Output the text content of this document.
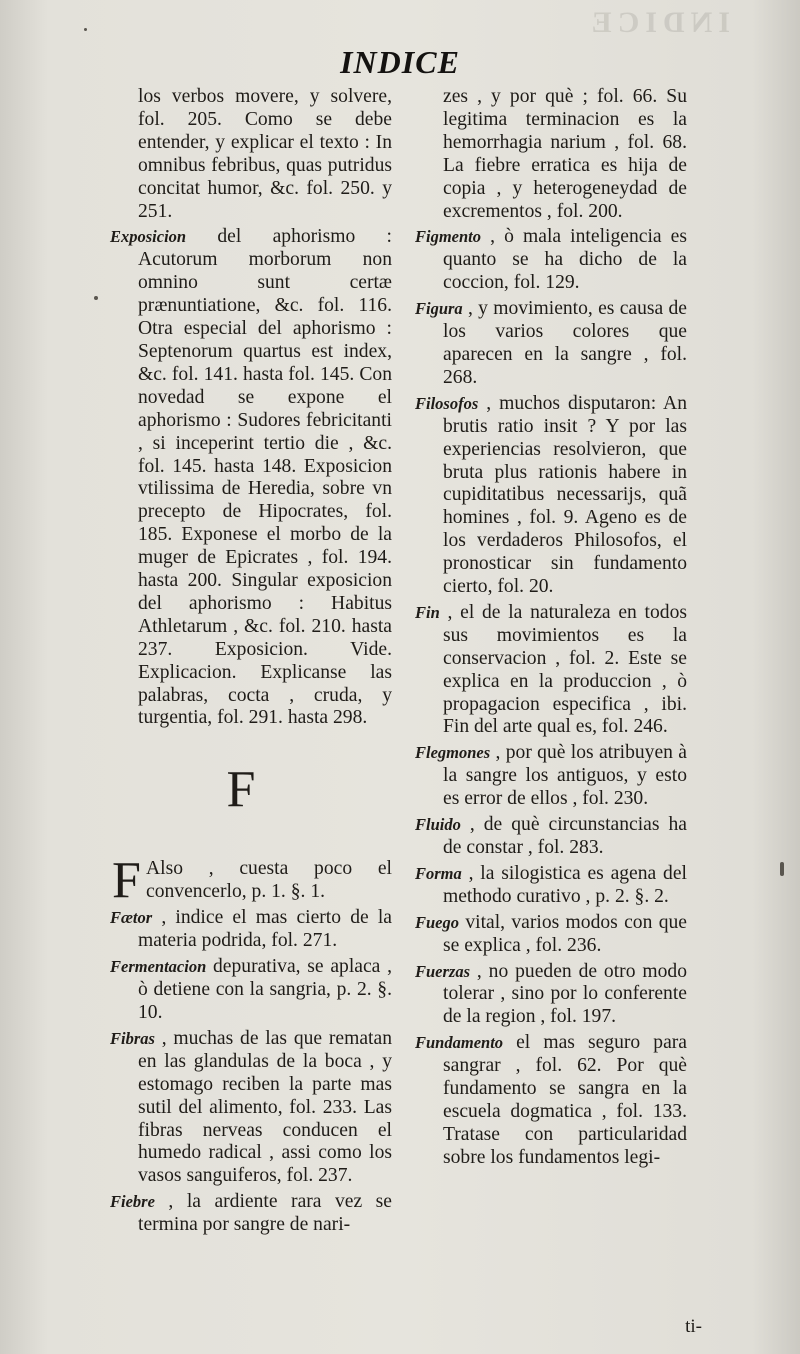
INDICE
INDICE
los verbos movere, y solvere, fol. 205. Como se debe entender, y explicar el texto : In omnibus febribus, quas putridus concitat humor, &c. fol. 250. y 251.
Exposicion del aphorismo : Acutorum morborum non omnino sunt certæ prænuntiatione, &c. fol. 116. Otra especial del aphorismo : Septenorum quartus est index, &c. fol. 141. hasta fol. 145. Con novedad se expone el aphorismo : Sudores febricitanti , si inceperint tertio die , &c. fol. 145. hasta 148. Exposicion vtilissima de Heredia, sobre vn precepto de Hipocrates, fol. 185. Exponese el morbo de la muger de Epicrates , fol. 194. hasta 200. Singular exposicion del aphorismo : Habitus Athletarum , &c. fol. 210. hasta 237. Exposicion. Vide. Explicacion. Explicanse las palabras, cocta , cruda, y turgentia, fol. 291. hasta 298.
F
F Also , cuesta poco el convencerlo, p. 1. §. 1.
Fætor , indice el mas cierto de la materia podrida, fol. 271.
Fermentacion depurativa, se aplaca , ò detiene con la sangria, p. 2. §. 10.
Fibras , muchas de las que rematan en las glandulas de la boca , y estomago reciben la parte mas sutil del alimento, fol. 233. Las fibras nerveas conducen el humedo radical , assi como los vasos sanguiferos, fol. 237.
Fiebre , la ardiente rara vez se termina por sangre de nari-
zes , y por què ; fol. 66. Su legitima terminacion es la hemorrhagia narium , fol. 68. La fiebre erratica es hija de copia , y heterogeneydad de excrementos , fol. 200.
Figmento , ò mala inteligencia es quanto se ha dicho de la coccion, fol. 129.
Figura , y movimiento, es causa de los varios colores que aparecen en la sangre , fol. 268.
Filosofos , muchos disputaron: An brutis ratio insit ? Y por las experiencias resolvieron, que bruta plus rationis habere in cupiditatibus necessarijs, quã homines , fol. 9. Ageno es de los verdaderos Philosofos, el pronosticar sin fundamento cierto, fol. 20.
Fin , el de la naturaleza en todos sus movimientos es la conservacion , fol. 2. Este se explica en la produccion , ò propagacion especifica , ibi. Fin del arte qual es, fol. 246.
Flegmones , por què los atribuyen à la sangre los antiguos, y esto es error de ellos , fol. 230.
Fluido , de què circunstancias ha de constar , fol. 283.
Forma , la silogistica es agena del methodo curativo , p. 2. §. 2.
Fuego vital, varios modos con que se explica , fol. 236.
Fuerzas , no pueden de otro modo tolerar , sino por lo conferente de la region , fol. 197.
Fundamento el mas seguro para sangrar , fol. 62. Por què fundamento se sangra en la escuela dogmatica , fol. 133. Tratase con particularidad sobre los fundamentos legi-
ti-
